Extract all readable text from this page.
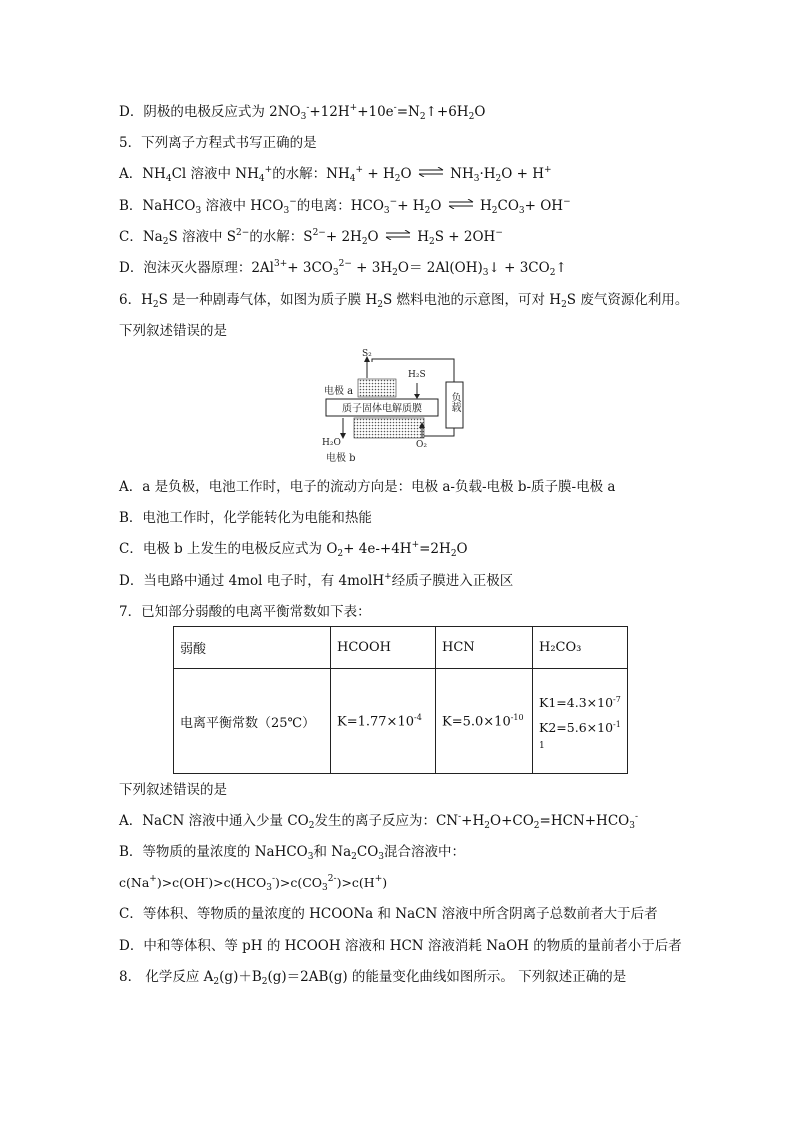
D．阴极的电极反应式为 $2NO_3^-+12H^++10e^-=N_2↑+6H_2O$
5．下列离子方程式书写正确的是
A．$NH_4Cl$ 溶液中 $NH_4^+$的水解：$NH_4^+ + H_2O$ ⇌ $NH_3\cdot H_2O + H^+$
B．NaHCO$_3$ 溶液中 $HCO_3^-$的电离：$HCO_3^-+ H_2O$ ⇌ $H_2CO_3+ OH^-$
C．$Na_2S$ 溶液中 $S^{2-}$的水解：$S^{2-}+ 2H_2O$ ⇌ $H_2S + 2OH^-$
D．泡沫灭火器原理：$2Al^{3+}+ 3CO_3^{2-} + 3H_2O=$ $2Al(OH)_3↓$ + $3CO_2↑$
6．$H_2S$ 是一种剧毒气体，如图为质子膜 $H_2S$ 燃料电池的示意图，可对 $H_2S$ 废气资源化利用。
下列叙述错误的是
负载
质子固体电解质膜
S₂
H₂S
电极 a
H₂O	O₂
电极 b
A．a 是负极，电池工作时，电子的流动方向是：电极 a-负载-电极 b-质子膜-电极 a
B．电池工作时，化学能转化为电能和热能
C．电极 b 上发生的电极反应式为 $O_2+ 4e-+4H^+=2H_2O$
D．当电路中通过 4mol 电子时，有 4molH+经质子膜进入正极区
7．已知部分弱酸的电离平衡常数如下表：
弱酸	HCOOH	HCN	H₂CO₃
电离平衡常数（25℃）	$K=1.77\times 10^{-4}$	$K=5.0\times 10^{-10}$	$K1=4.3\times 10^{-7}$
$K2=5.6\times 10^{-1}$
1
下列叙述错误的是
A．NaCN 溶液中通入少量 $CO_2$发生的离子反应为：$CN^-+H_2O+CO_2=HCN+HCO_3^-$
B．等物质的量浓度的 NaHCO$_3$和 $Na_2CO_3$混合溶液中：
$c(Na^+)>c(OH^-)>c(HCO_3^-)>c(CO_3^{2-})>c(H^+)$
C．等体积、等物质的量浓度的 HCOONa 和 NaCN 溶液中所含阴离子总数前者大于后者
D．中和等体积、等 pH 的 HCOOH 溶液和 HCN 溶液消耗 NaOH 的物质的量前者小于后者
8． 化学反应 $A_2(g)+B_2(g)=2AB(g)$ 的能量变化曲线如图所示。 下列叙述正确的是
